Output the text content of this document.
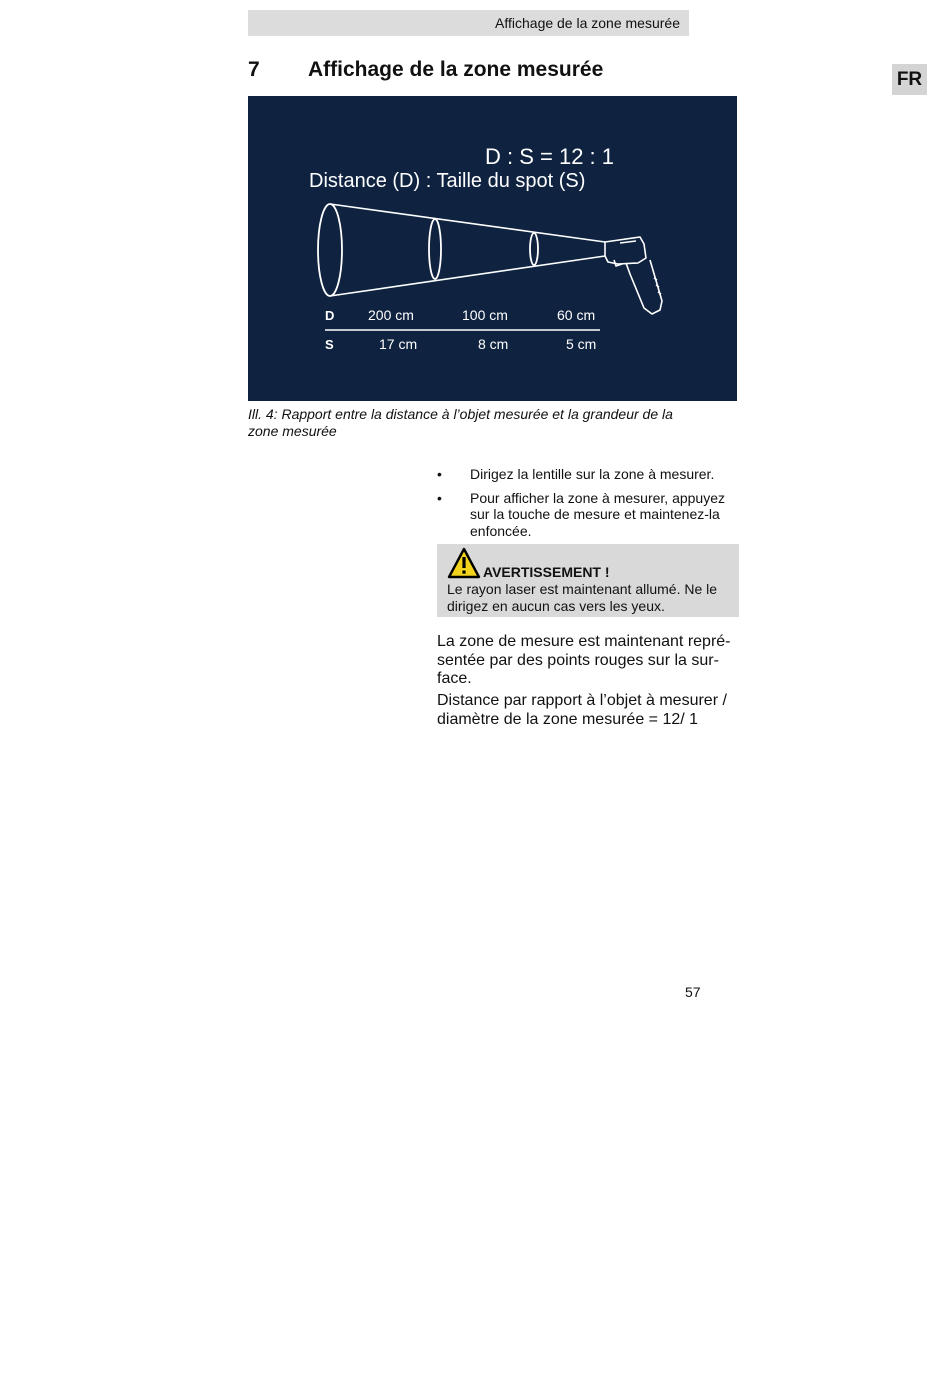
Affichage de la zone mesurée
FR
7 Affichage de la zone mesurée
D : S = 12 : 1
Distance (D) : Taille du spot (S)
D 200 cm	100 cm	60 cm
S	17 cm	8 cm	5 cm
Ill. 4: Rapport entre la distance à l’objet mesurée et la grandeur de la
zone mesurée
• Dirigez la lentille sur la zone à mesurer.
• Pour afficher la zone à mesurer, appuyez
sur la touche de mesure et maintenez-la
enfoncée.
AVERTISSEMENT !
Le rayon laser est maintenant allumé. Ne le
dirigez en aucun cas vers les yeux.
La zone de mesure est maintenant repré-
sentée par des points rouges sur la sur-
face.
Distance par rapport à l’objet à mesurer /
diamètre de la zone mesurée = 12/ 1
57
